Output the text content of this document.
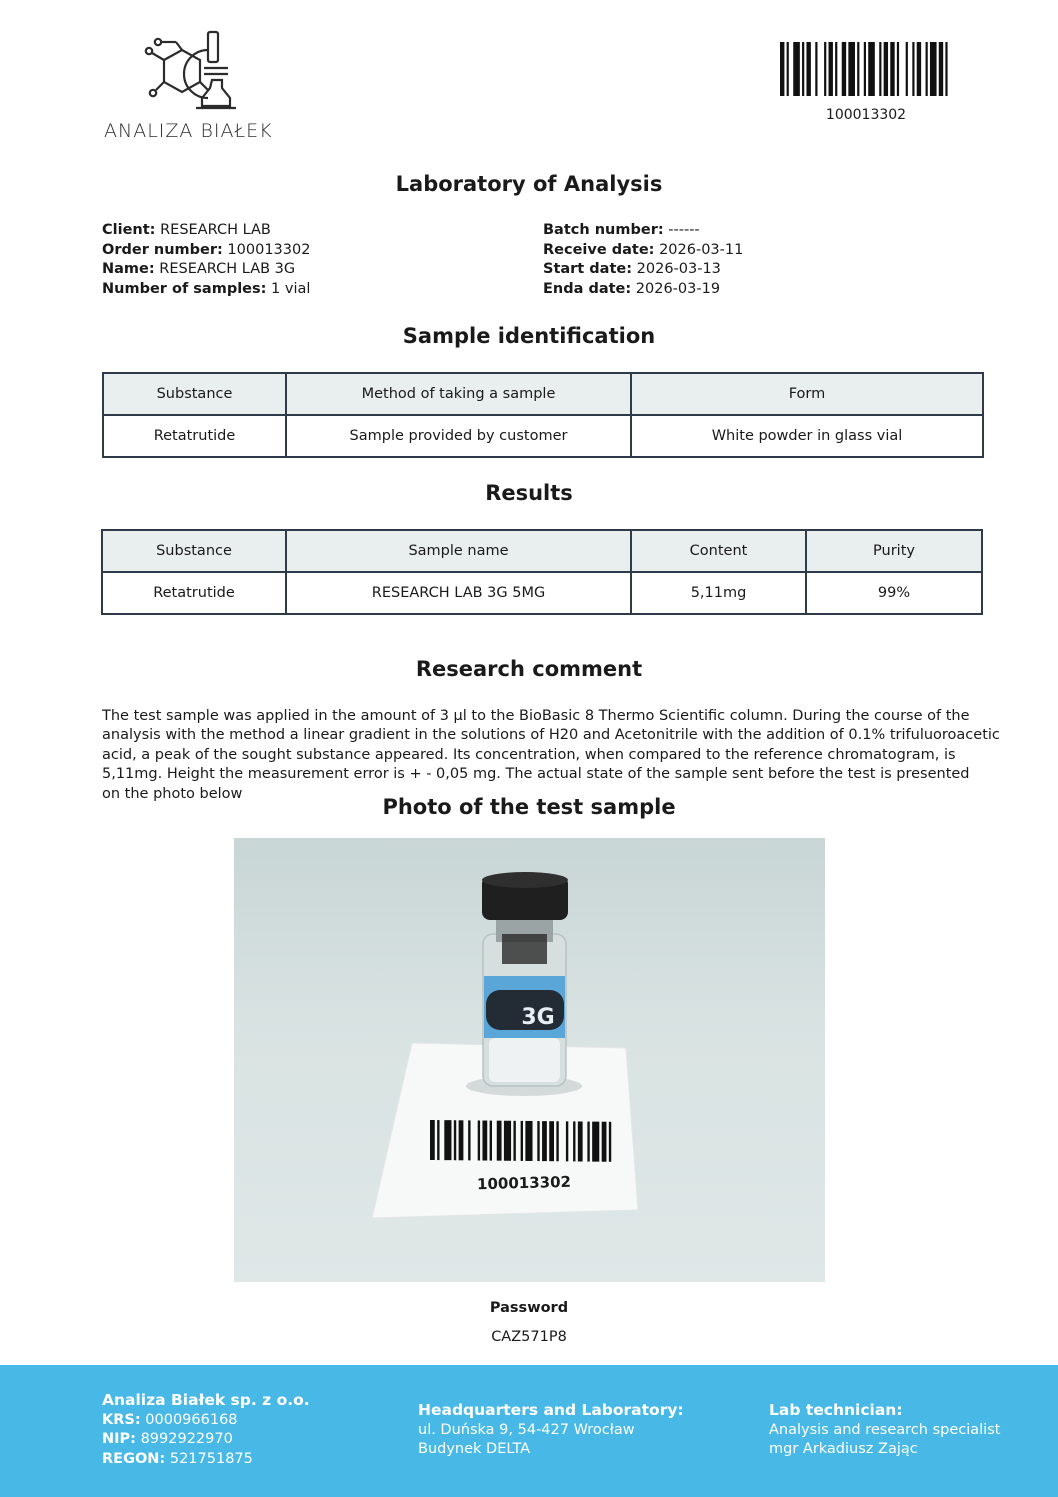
ANALIZA BIAŁEK
100013302
Laboratory of Analysis
Client: RESEARCH LAB
Order number: 100013302
Name: RESEARCH LAB 3G
Number of samples: 1 vial
Batch number: ------
Receive date: 2026-03-11
Start date: 2026-03-13
Enda date: 2026-03-19
Sample identification
Substance	Method of taking a sample	Form
Retatrutide	Sample provided by customer	White powder in glass vial
Results
Substance	Sample name	Content	Purity
Retatrutide	RESEARCH LAB 3G 5MG	5,11mg	99%
Research comment
The test sample was applied in the amount of 3 µl to the BioBasic 8 Thermo Scientific column. During the course of the
analysis with the method a linear gradient in the solutions of H20 and Acetonitrile with the addition of 0.1% trifuluoroacetic
acid, a peak of the sought substance appeared. Its concentration, when compared to the reference chromatogram, is
5,11mg. Height the measurement error is + - 0,05 mg. The actual state of the sample sent before the test is presented
on the photo below
Photo of the test sample
3G
100013302
Password
CAZ571P8
Analiza Białek sp. z o.o.
KRS: 0000966168
NIP: 8992922970
REGON: 521751875
Headquarters and Laboratory:
ul. Duńska 9, 54-427 Wrocław
Budynek DELTA
Lab technician:
Analysis and research specialist
mgr Arkadiusz Zając
